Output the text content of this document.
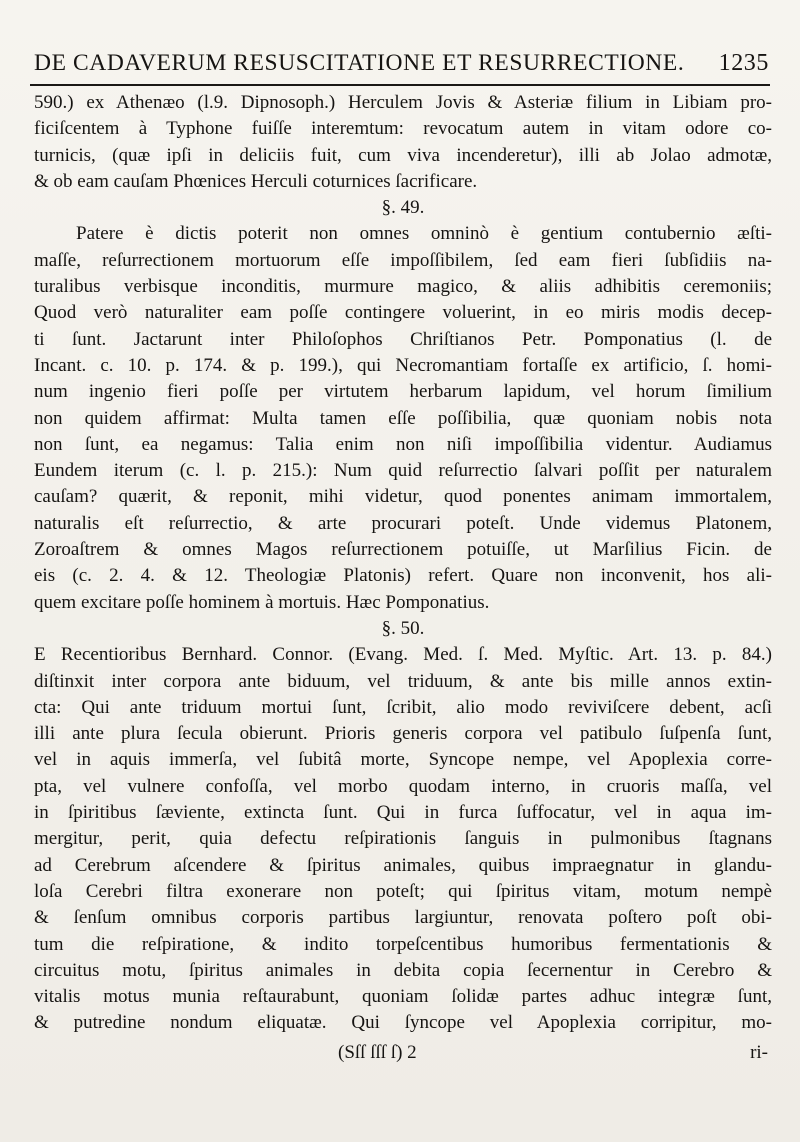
DE CADAVERUM RESUSCITATIONE ET RESURRECTIONE. 1235
590.) ex Athenæo (l.9. Dipnosoph.) Herculem Jovis & Asteriæ filium in Libiam pro-
ficiſcentem à Typhone fuiſſe interemtum: revocatum autem in vitam odore co-
turnicis, (quæ ipſi in deliciis fuit, cum viva incenderetur), illi ab Jolao admotæ,
& ob eam cauſam Phœnices Herculi coturnices ſacrificare.
§. 49.
Patere è dictis poterit non omnes omninò è gentium contubernio æſti-
maſſe, reſurrectionem mortuorum eſſe impoſſibilem, ſed eam fieri ſubſidiis na-
turalibus verbisque inconditis, murmure magico, & aliis adhibitis ceremoniis;
Quod verò naturaliter eam poſſe contingere voluerint, in eo miris modis decep-
ti ſunt. Jactarunt inter Philoſophos Chriſtianos Petr. Pomponatius (l. de
Incant. c. 10. p. 174. & p. 199.), qui Necromantiam fortaſſe ex artificio, ſ. homi-
num ingenio fieri poſſe per virtutem herbarum lapidum, vel horum ſimilium
non quidem affirmat: Multa tamen eſſe poſſibilia, quæ quoniam nobis nota
non ſunt, ea negamus: Talia enim non niſi impoſſibilia videntur. Audiamus
Eundem iterum (c. l. p. 215.): Num quid reſurrectio ſalvari poſſit per naturalem
cauſam? quærit, & reponit, mihi videtur, quod ponentes animam immortalem,
naturalis eſt reſurrectio, & arte procurari poteſt. Unde videmus Platonem,
Zoroaſtrem & omnes Magos reſurrectionem potuiſſe, ut Marſilius Ficin. de
eis (c. 2. 4. & 12. Theologiæ Platonis) refert. Quare non inconvenit, hos ali-
quem excitare poſſe hominem à mortuis. Hæc Pomponatius.
§. 50.
E Recentioribus Bernhard. Connor. (Evang. Med. ſ. Med. Myſtic. Art. 13. p. 84.)
diſtinxit inter corpora ante biduum, vel triduum, & ante bis mille annos extin-
cta: Qui ante triduum mortui ſunt, ſcribit, alio modo reviviſcere debent, acſi
illi ante plura ſecula obierunt. Prioris generis corpora vel patibulo ſuſpenſa ſunt,
vel in aquis immerſa, vel ſubitâ morte, Syncope nempe, vel Apoplexia corre-
pta, vel vulnere confoſſa, vel morbo quodam interno, in cruoris maſſa, vel
in ſpiritibus ſæviente, extincta ſunt. Qui in furca ſuffocatur, vel in aqua im-
mergitur, perit, quia defectu reſpirationis ſanguis in pulmonibus ſtagnans
ad Cerebrum aſcendere & ſpiritus animales, quibus impraegnatur in glandu-
loſa Cerebri filtra exonerare non poteſt; qui ſpiritus vitam, motum nempè
& ſenſum omnibus corporis partibus largiuntur, renovata poſtero poſt obi-
tum die reſpiratione, & indito torpeſcentibus humoribus fermentationis &
circuitus motu, ſpiritus animales in debita copia ſecernentur in Cerebro &
vitalis motus munia reſtaurabunt, quoniam ſolidæ partes adhuc integræ ſunt,
& putredine nondum eliquatæ. Qui ſyncope vel Apoplexia corripitur, mo-
(Sſſ ſſſ ſ) 2	ri-
